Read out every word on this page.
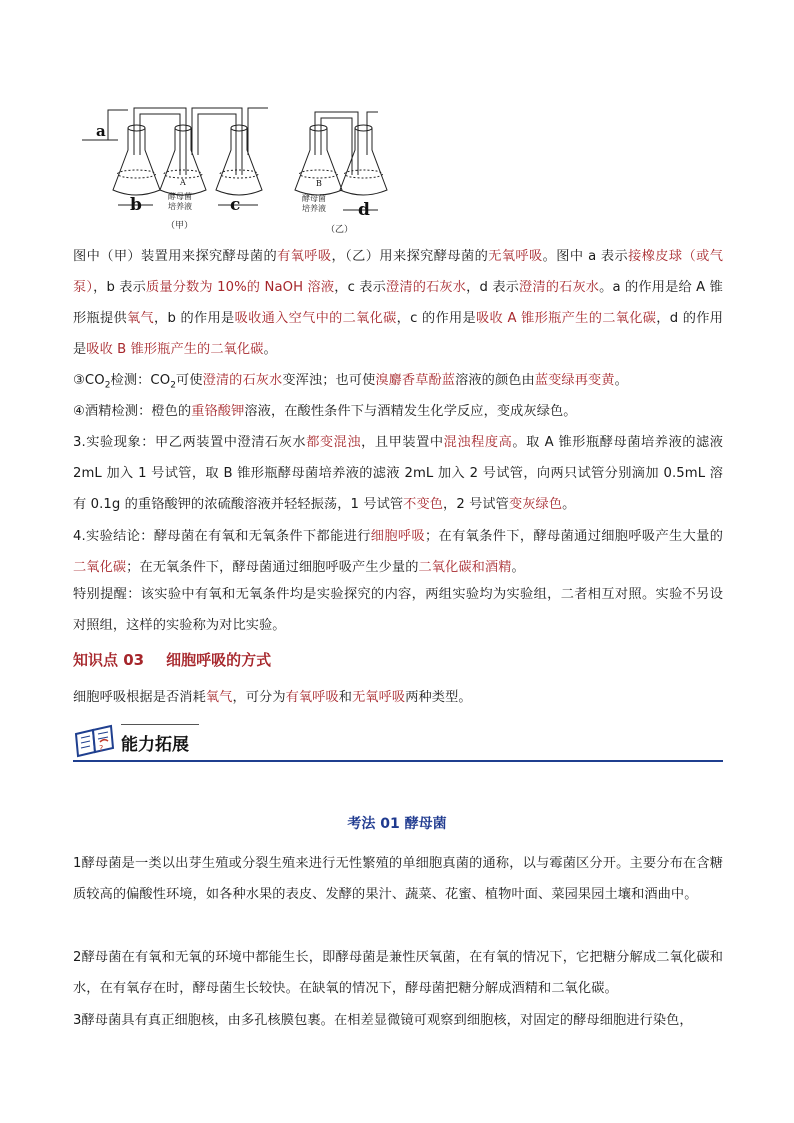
a
b	c	d
A	B
酵母菌培养液
酵母菌培养液
（甲）	（乙）

图中（甲）装置用来探究酵母菌的有氧呼吸，（乙）用来探究酵母菌的无氧呼吸。图中 a 表示接橡皮球（或气泵），b 表示质量分数为 10%的 NaOH 溶液，c 表示澄清的石灰水，d 表示澄清的石灰水。a 的作用是给 A 锥形瓶提供氧气，b 的作用是吸收通入空气中的二氧化碳，c 的作用是吸收 A 锥形瓶产生的二氧化碳，d 的作用是吸收 B 锥形瓶产生的二氧化碳。

$③CO_2$检测：$CO_2$可使澄清的石灰水变浑浊；也可使溴麝香草酚蓝溶液的颜色由蓝变绿再变黄。

④酒精检测：橙色的重铬酸钾溶液，在酸性条件下与酒精发生化学反应，变成灰绿色。

3.实验现象：甲乙两装置中澄清石灰水都变混浊，且甲装置中混浊程度高。取 A 锥形瓶酵母菌培养液的滤液 2mL 加入 1 号试管，取 B 锥形瓶酵母菌培养液的滤液 2mL 加入 2 号试管，向两只试管分别滴加 0.5mL 溶有 0.1g 的重铬酸钾的浓硫酸溶液并轻轻振荡，1 号试管不变色，2 号试管变灰绿色。

4.实验结论：酵母菌在有氧和无氧条件下都能进行细胞呼吸；在有氧条件下，酵母菌通过细胞呼吸产生大量的二氧化碳；在无氧条件下，酵母菌通过细胞呼吸产生少量的二氧化碳和酒精。

特别提醒：该实验中有氧和无氧条件均是实验探究的内容，两组实验均为实验组，二者相互对照。实验不另设对照组，这样的实验称为对比实验。

知识点 03 细胞呼吸的方式

细胞呼吸根据是否消耗氧气，可分为有氧呼吸和无氧呼吸两种类型。

? 能力拓展
考法 01 酵母菌

1酵母菌是一类以出芽生殖或分裂生殖来进行无性繁殖的单细胞真菌的通称，以与霉菌区分开。主要分布在含糖质较高的偏酸性环境，如各种水果的表皮、发酵的果汁、蔬菜、花蜜、植物叶面、菜园果园土壤和酒曲中。

2酵母菌在有氧和无氧的环境中都能生长，即酵母菌是兼性厌氧菌，在有氧的情况下，它把糖分解成二氧化碳和水，在有氧存在时，酵母菌生长较快。在缺氧的情况下，酵母菌把糖分解成酒精和二氧化碳。

3酵母菌具有真正细胞核，由多孔核膜包裹。在相差显微镜可观察到细胞核，对固定的酵母细胞进行染色，
